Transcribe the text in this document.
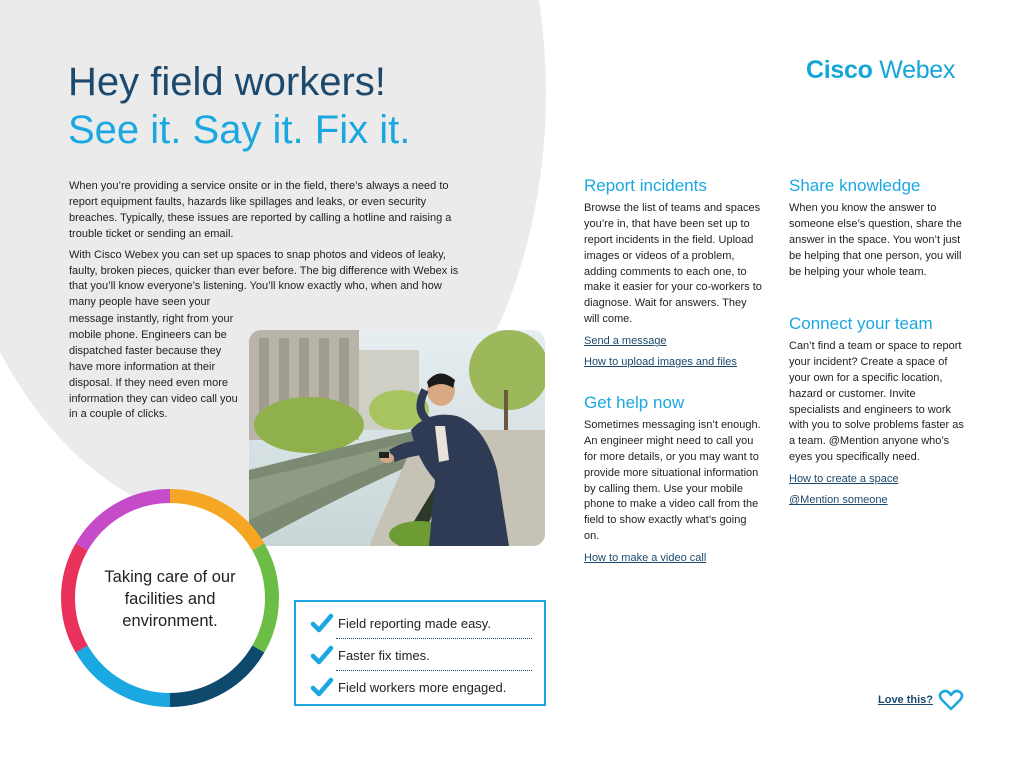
Cisco Webex
Hey field workers!
See it. Say it. Fix it.

When you’re providing a service onsite or in the field, there’s always a need to report equipment faults, hazards like spillages and leaks, or even security breaches. Typically, these issues are reported by calling a hotline and raising a trouble ticket or sending an email.

With Cisco Webex you can set up spaces to snap photos and videos of leaky, faulty, broken pieces, quicker than ever before. The big difference with Webex is that you’ll know everyone’s listening. You’ll know exactly who, when and how many people have seen your

message instantly, right from your mobile phone. Engineers can be dispatched faster because they have more information at their disposal. If they need even more information they can video call you in a couple of clicks.
Report incidents

Browse the list of teams and spaces you’re in, that have been set up to report incidents in the field. Upload images or videos of a problem, adding comments to each one, to make it easier for your co-workers to diagnose. Wait for answers. They will come.

Send a message
How to upload images and files
Get help now

Sometimes messaging isn’t enough. An engineer might need to call you for more details, or you may want to provide more situational information by calling them. Use your mobile phone to make a video call from the field to show exactly what’s going on.

How to make a video call
Share knowledge

When you know the answer to someone else’s question, share the answer in the space. You won’t just be helping that one person, you will be helping your whole team.

Connect your team

Can’t find a team or space to report your incident? Create a space of your own for a specific location, hazard or customer. Invite specialists and engineers to work with you to solve problems faster as a team. @Mention anyone who’s eyes you specifically need.

How to create a space
@Mention someone
Taking care of our facilities and environment.	Field reporting made easy.
Faster fix times.
Field workers more engaged.
Love this?
